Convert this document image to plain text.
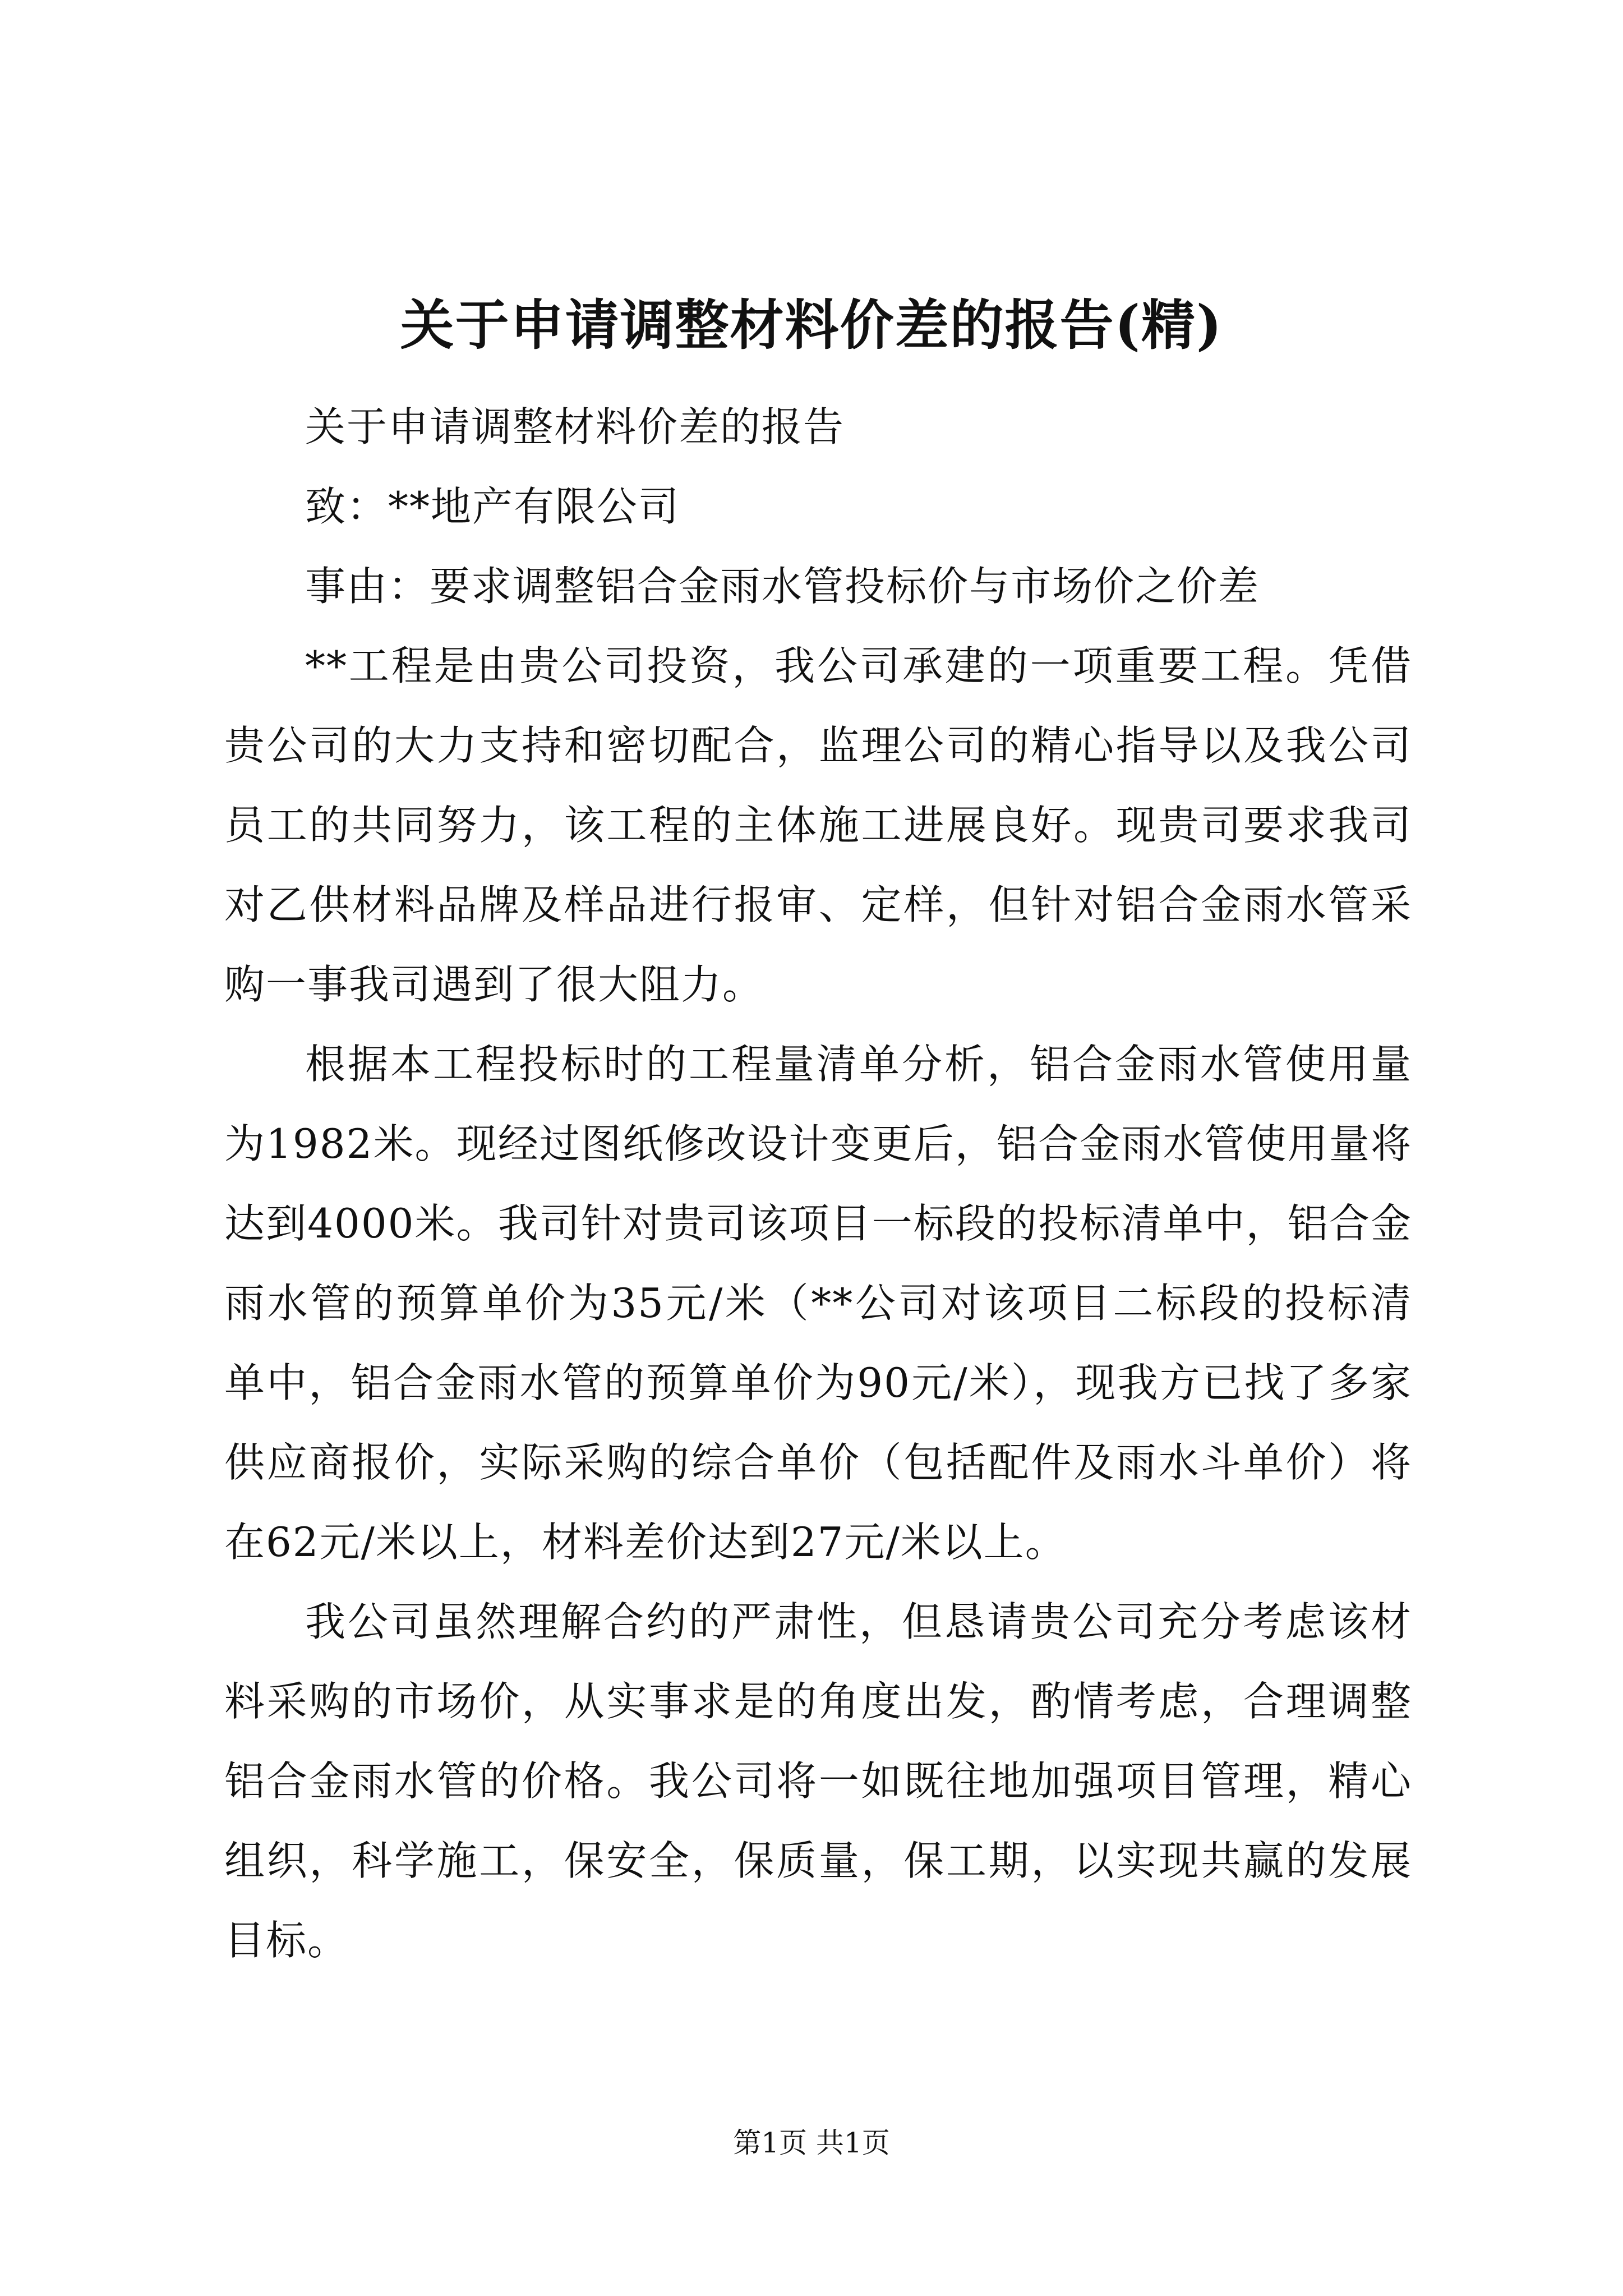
关于申请调整材料价差的报告(精)

关于申请调整材料价差的报告

致：**地产有限公司

事由：要求调整铝合金雨水管投标价与市场价之价差

**工程是由贵公司投资，我公司承建的一项重要工程。凭借贵公司的大力支持和密切配合，监理公司的精心指导以及我公司员工的共同努力，该工程的主体施工进展良好。现贵司要求我司对乙供材料品牌及样品进行报审、定样，但针对铝合金雨水管采购一事我司遇到了很大阻力。

根据本工程投标时的工程量清单分析，铝合金雨水管使用量为1982米。现经过图纸修改设计变更后，铝合金雨水管使用量将达到4000米。我司针对贵司该项目一标段的投标清单中，铝合金雨水管的预算单价为35元/米（**公司对该项目二标段的投标清单中，铝合金雨水管的预算单价为90元/米），现我方已找了多家供应商报价，实际采购的综合单价（包括配件及雨水斗单价）将在62元/米以上，材料差价达到27元/米以上。

我公司虽然理解合约的严肃性，但恳请贵公司充分考虑该材料采购的市场价，从实事求是的角度出发，酌情考虑，合理调整铝合金雨水管的价格。我公司将一如既往地加强项目管理，精心组织，科学施工，保安全，保质量，保工期，以实现共赢的发展目标。

第1页 共1页
